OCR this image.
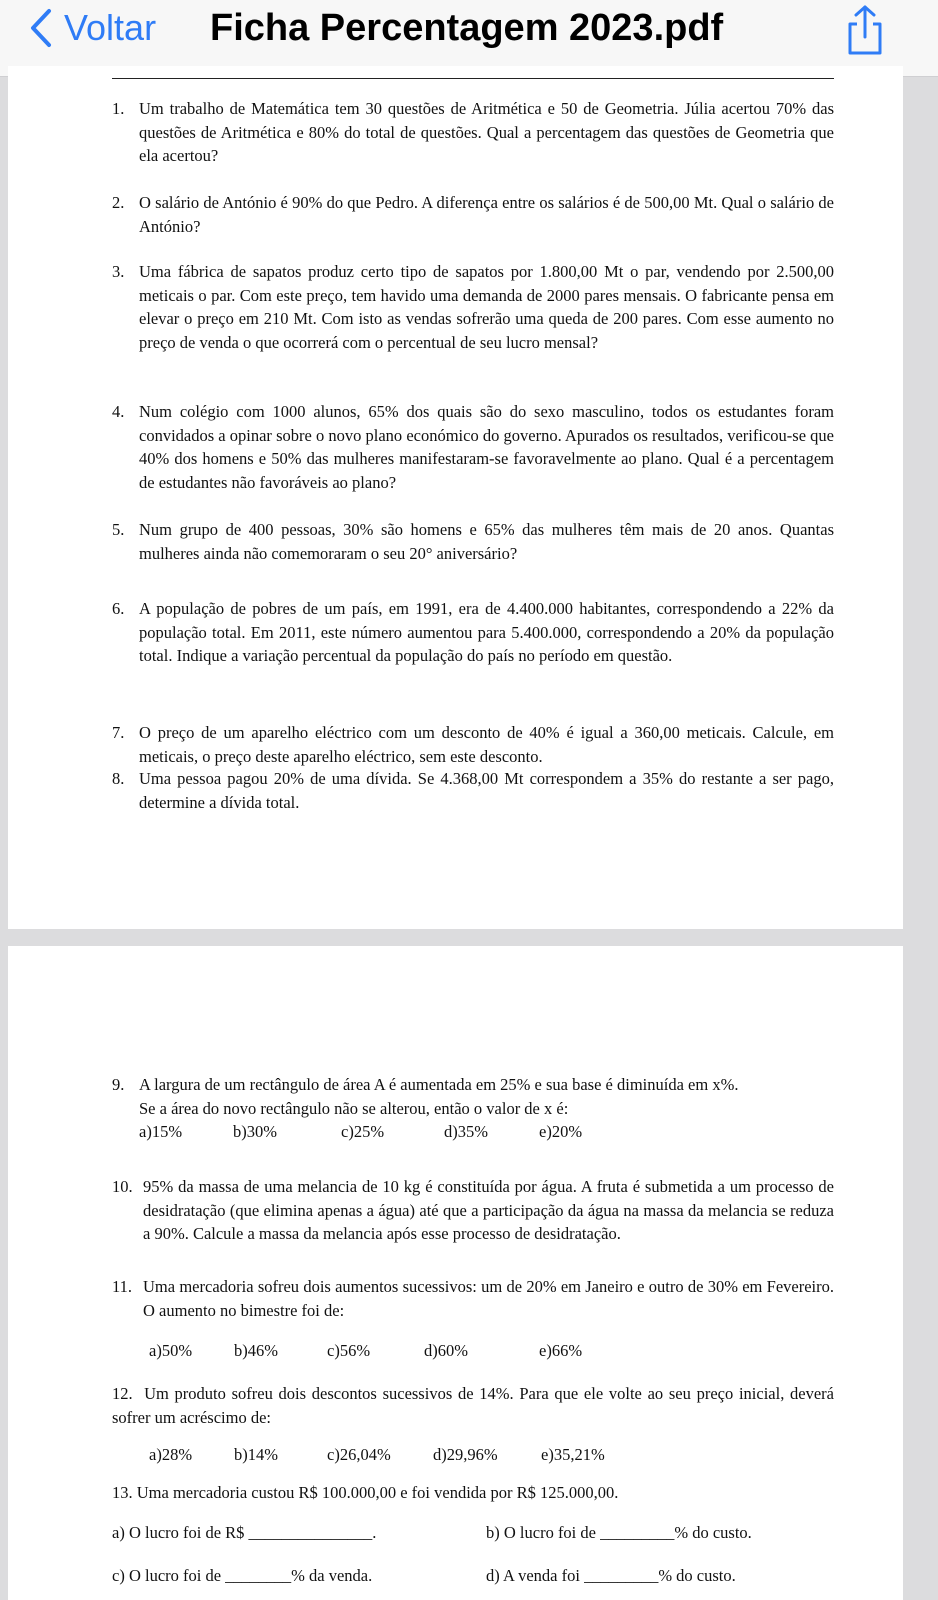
Voltar Ficha Percentagem 2023.pdf
1. Um trabalho de Matemática tem 30 questões de Aritmética e 50 de Geometria. Júlia acertou 70% das questões de Aritmética e 80% do total de questões. Qual a percentagem das questões de Geometria que ela acertou?
2. O salário de António é 90% do que Pedro. A diferença entre os salários é de 500,00 Mt. Qual o salário de António?
3. Uma fábrica de sapatos produz certo tipo de sapatos por 1.800,00 Mt o par, vendendo por 2.500,00 meticais o par. Com este preço, tem havido uma demanda de 2000 pares mensais. O fabricante pensa em elevar o preço em 210 Mt. Com isto as vendas sofrerão uma queda de 200 pares. Com esse aumento no preço de venda o que ocorrerá com o percentual de seu lucro mensal?
4. Num colégio com 1000 alunos, 65% dos quais são do sexo masculino, todos os estudantes foram convidados a opinar sobre o novo plano económico do governo. Apurados os resultados, verificou-se que 40% dos homens e 50% das mulheres manifestaram-se favoravelmente ao plano. Qual é a percentagem de estudantes não favoráveis ao plano?
5. Num grupo de 400 pessoas, 30% são homens e 65% das mulheres têm mais de 20 anos. Quantas mulheres ainda não comemoraram o seu 20° aniversário?
6. A população de pobres de um país, em 1991, era de 4.400.000 habitantes, correspondendo a 22% da população total. Em 2011, este número aumentou para 5.400.000, correspondendo a 20% da população total. Indique a variação percentual da população do país no período em questão.
7. O preço de um aparelho eléctrico com um desconto de 40% é igual a 360,00 meticais. Calcule, em meticais, o preço deste aparelho eléctrico, sem este desconto.
8. Uma pessoa pagou 20% de uma dívida. Se 4.368,00 Mt correspondem a 35% do restante a ser pago, determine a dívida total.
9. A largura de um rectângulo de área A é aumentada em 25% e sua base é diminuída em x%.
Se a área do novo rectângulo não se alterou, então o valor de x é:
a)15%	b)30%	c)25%	d)35%	e)20%
10. 95% da massa de uma melancia de 10 kg é constituída por água. A fruta é submetida a um processo de desidratação (que elimina apenas a água) até que a participação da água na massa da melancia se reduza a 90%. Calcule a massa da melancia após esse processo de desidratação.
11. Uma mercadoria sofreu dois aumentos sucessivos: um de 20% em Janeiro e outro de 30% em Fevereiro. O aumento no bimestre foi de:
a)50%	b)46%	c)56%	d)60%	e)66%
12. Um produto sofreu dois descontos sucessivos de 14%. Para que ele volte ao seu preço inicial, deverá sofrer um acréscimo de:
a)28%	b)14%	c)26,04%	d)29,96%	e)35,21%
13. Uma mercadoria custou R$ 100.000,00 e foi vendida por R$ 125.000,00.
a) O lucro foi de R$ _______________.	b) O lucro foi de _________% do custo.
c) O lucro foi de ________% da venda.	d) A venda foi _________% do custo.
